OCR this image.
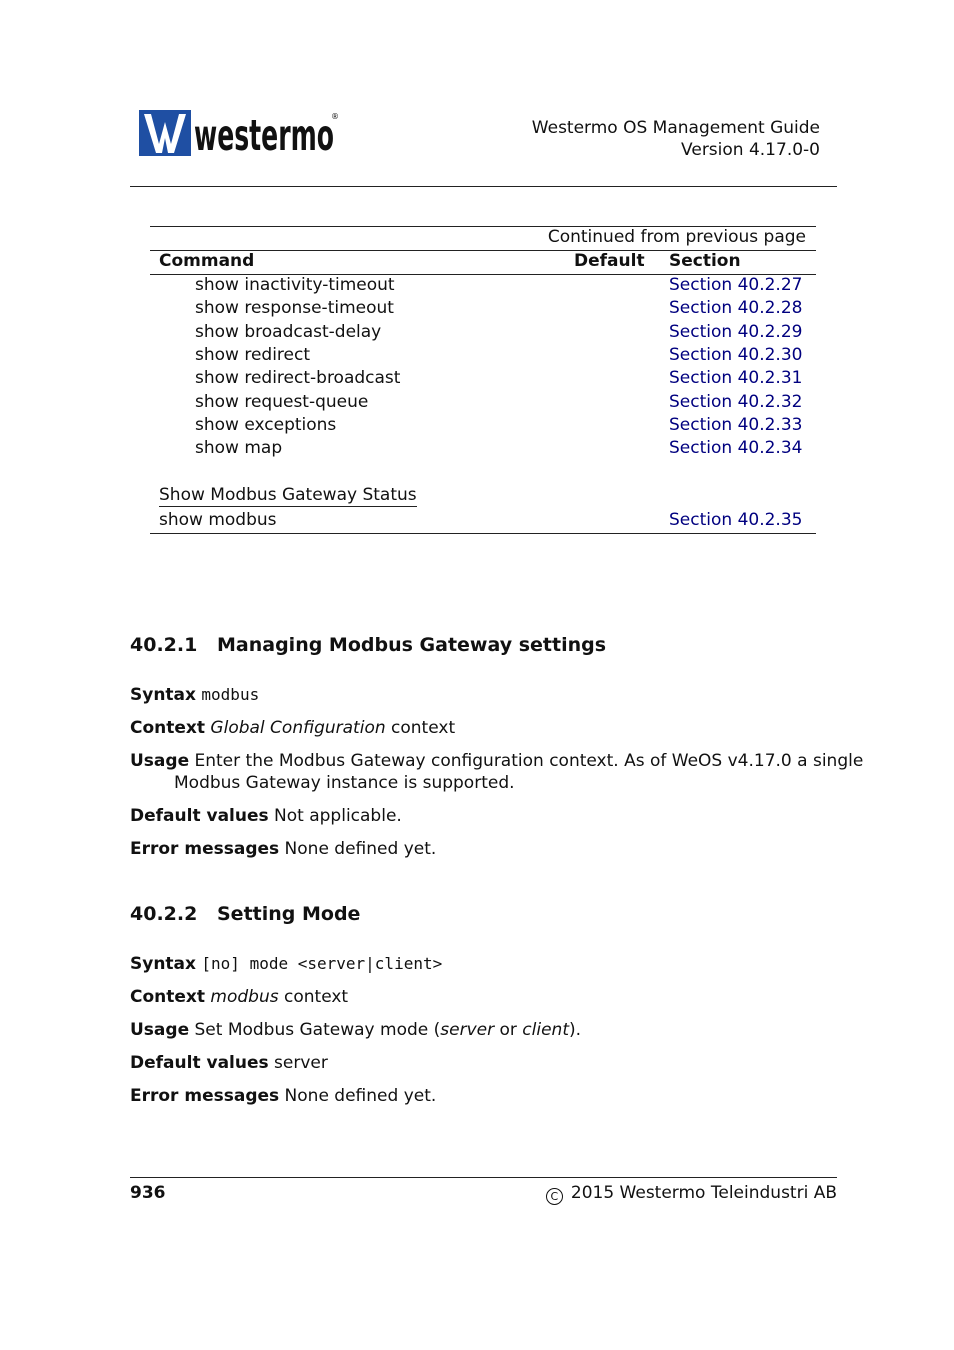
westermo
®
Westermo OS Management Guide
Version 4.17.0-0
Continued from previous page
Command	Default Section
show inactivity-timeout	Section 40.2.27
show response-timeout	Section 40.2.28
show broadcast-delay	Section 40.2.29
show redirect	Section 40.2.30
show redirect-broadcast	Section 40.2.31
show request-queue	Section 40.2.32
show exceptions	Section 40.2.33
show map	Section 40.2.34
Show Modbus Gateway Status
show modbus	Section 40.2.35
40.2.1 Managing Modbus Gateway settings
Syntax modbus
Context Global Configuration context
Usage Enter the Modbus Gateway configuration context. As of WeOS v4.17.0 a single Modbus Gateway instance is supported.
Default values Not applicable.
Error messages None defined yet.
40.2.2 Setting Mode
Syntax [no] mode <server|client>
Context modbus context
Usage Set Modbus Gateway mode (server or client).
Default values server
Error messages None defined yet.
936	C 2015 Westermo Teleindustri AB
